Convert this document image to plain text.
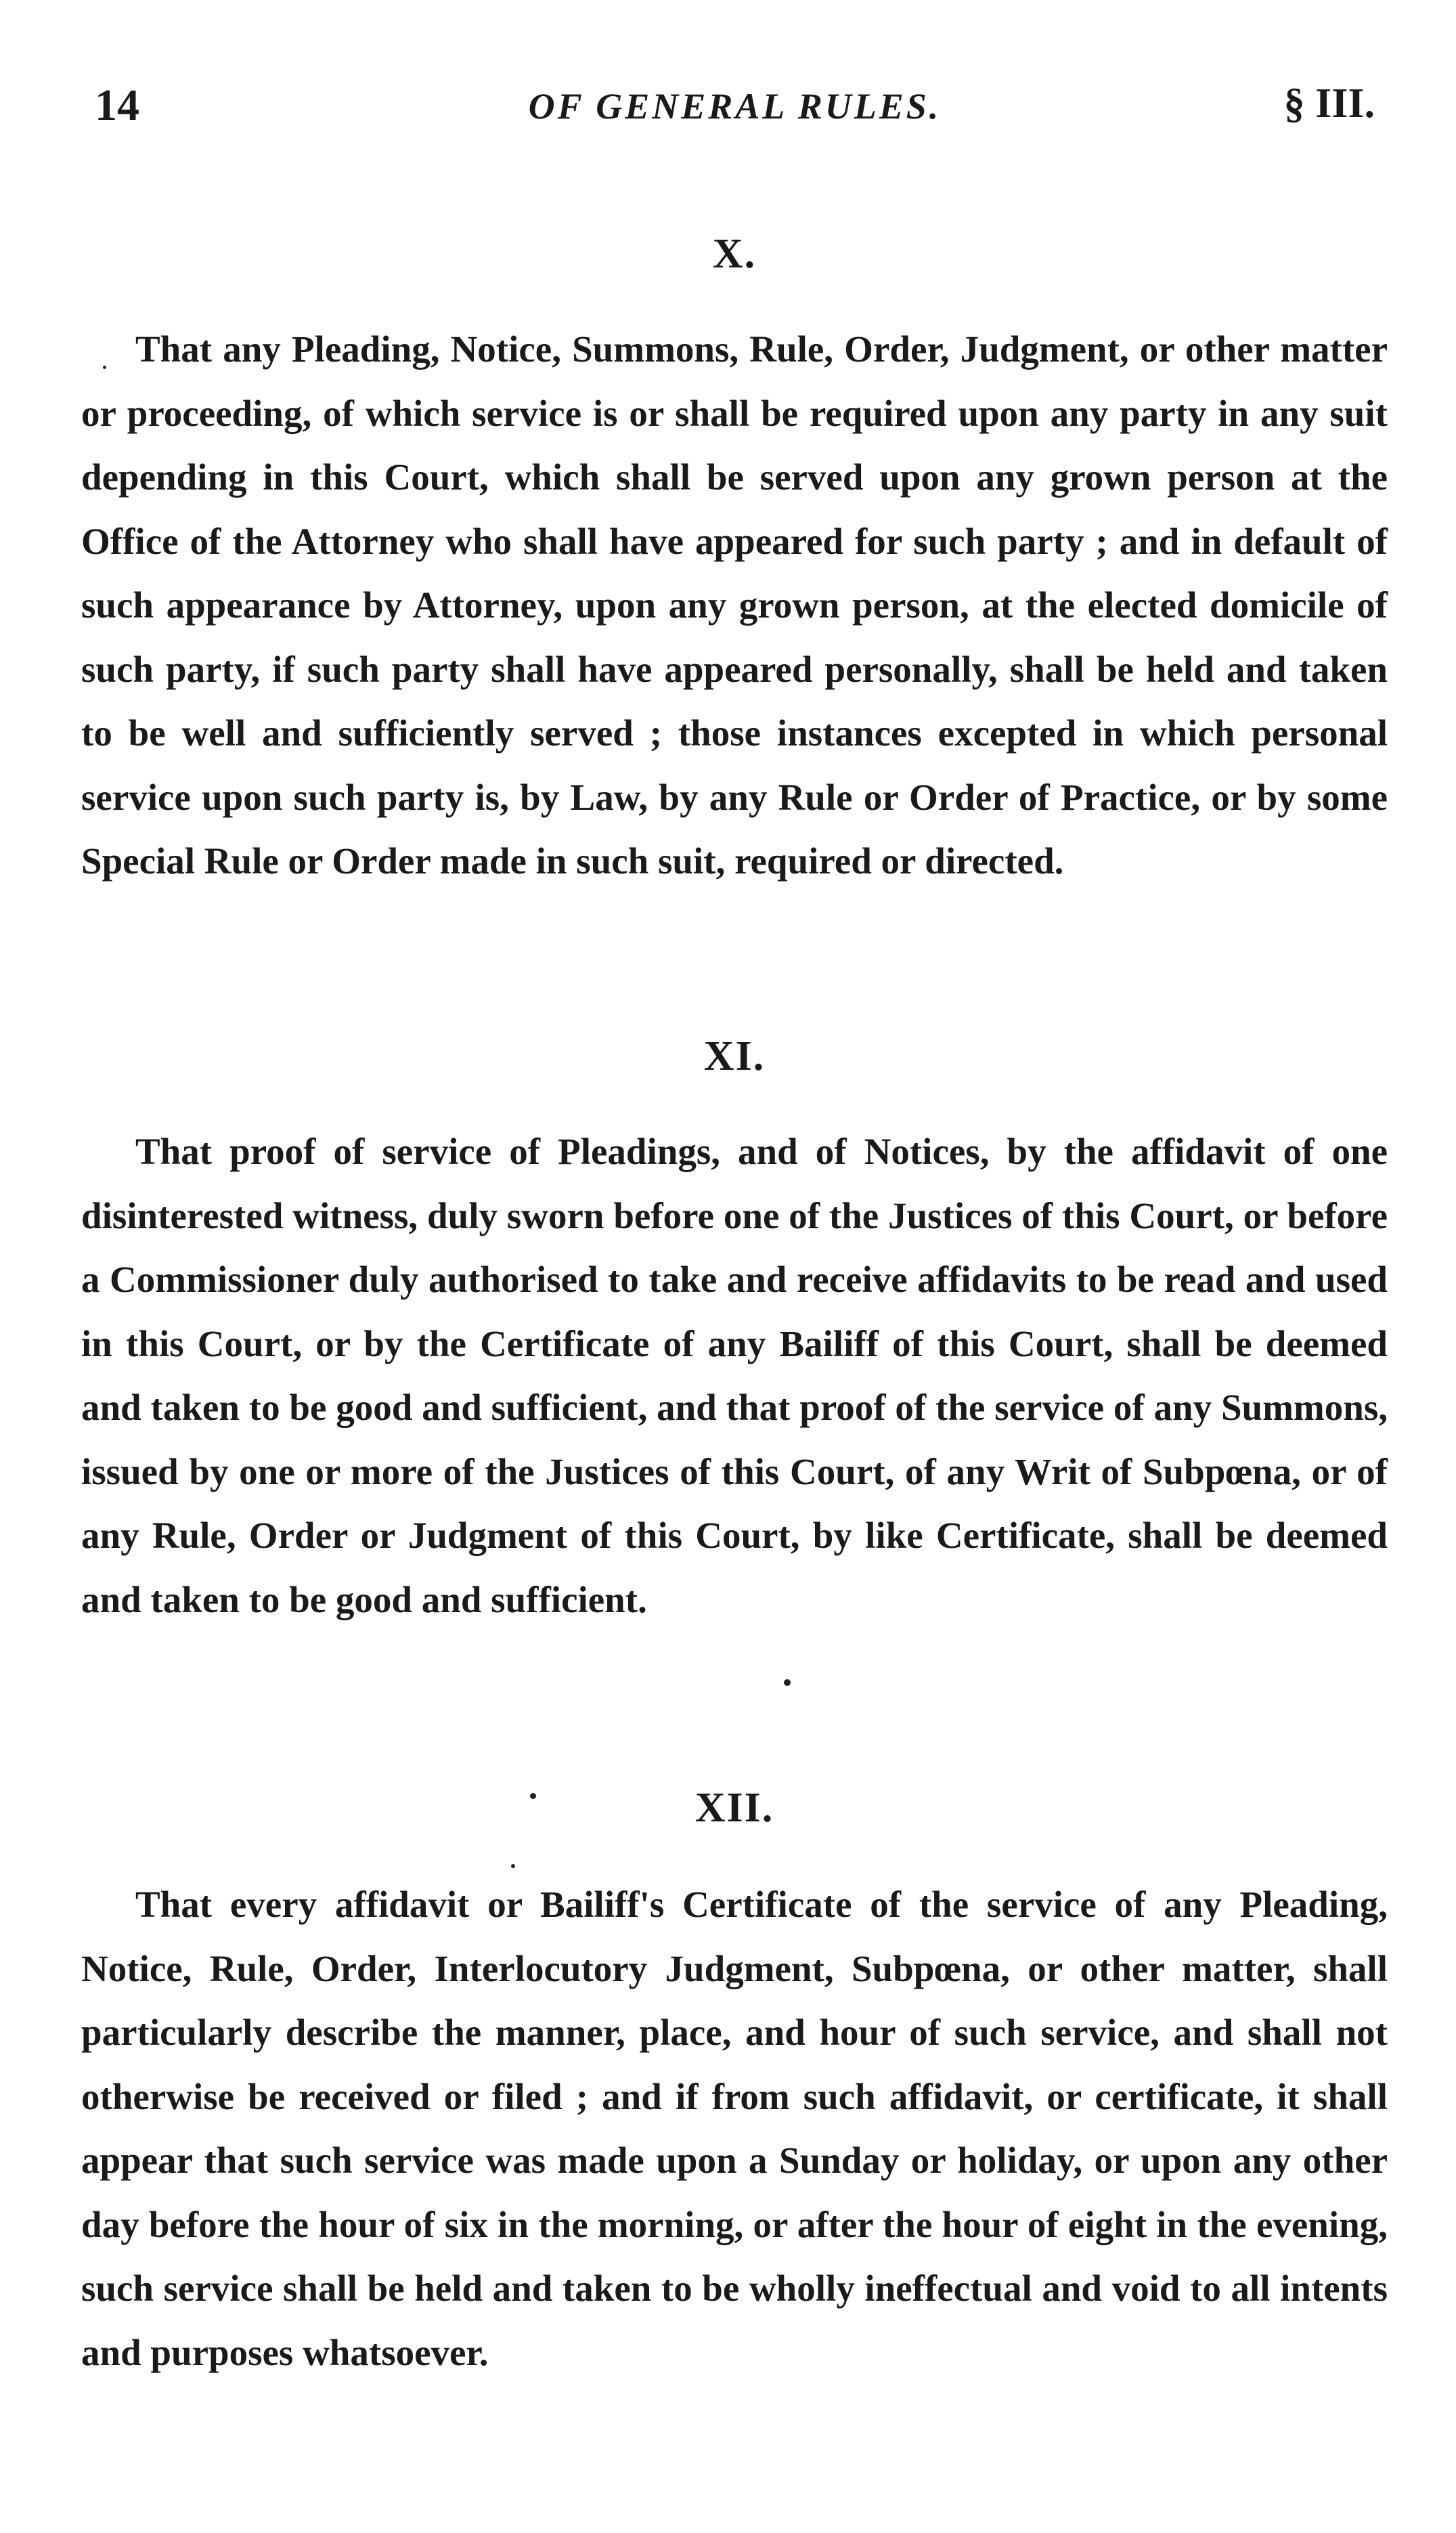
14	OF GENERAL RULES.	§ III.

X.

That any Pleading, Notice, Summons, Rule, Order, Judgment, or other matter or proceeding, of which service is or shall be required upon any party in any suit depending in this Court, which shall be served upon any grown person at the Office of the Attorney who shall have appeared for such party ; and in default of such appearance by Attorney, upon any grown person, at the elected domicile of such party, if such party shall have appeared personally, shall be held and taken to be well and sufficiently served ; those instances excepted in which personal service upon such party is, by Law, by any Rule or Order of Practice, or by some Special Rule or Order made in such suit, required or directed.

XI.

That proof of service of Pleadings, and of Notices, by the affidavit of one disinterested witness, duly sworn before one of the Justices of this Court, or before a Commissioner duly authorised to take and receive affidavits to be read and used in this Court, or by the Certificate of any Bailiff of this Court, shall be deemed and taken to be good and sufficient, and that proof of the service of any Summons, issued by one or more of the Justices of this Court, of any Writ of Subpœna, or of any Rule, Order or Judgment of this Court, by like Certificate, shall be deemed and taken to be good and sufficient.

XII.

That every affidavit or Bailiff's Certificate of the service of any Pleading, Notice, Rule, Order, Interlocutory Judgment, Subpœna, or other matter, shall particularly describe the manner, place, and hour of such service, and shall not otherwise be received or filed ; and if from such affidavit, or certificate, it shall appear that such service was made upon a Sunday or holiday, or upon any other day before the hour of six in the morning, or after the hour of eight in the evening, such service shall be held and taken to be wholly ineffectual and void to all intents and purposes whatsoever.
